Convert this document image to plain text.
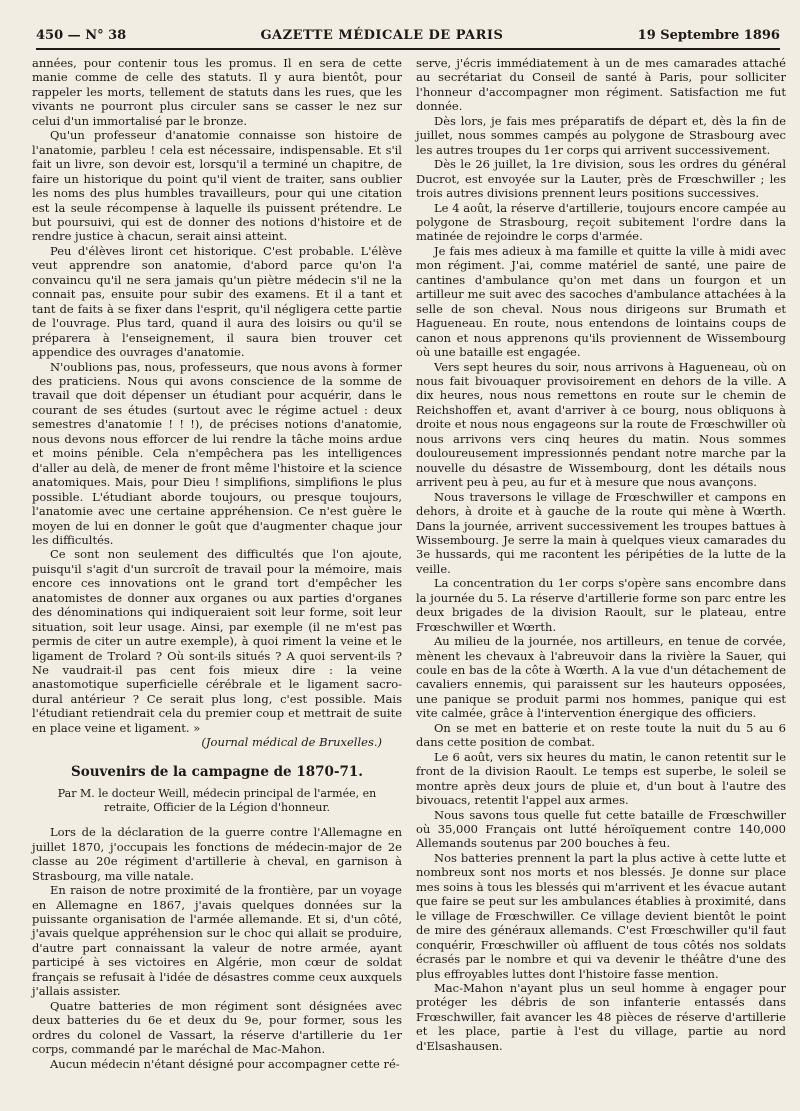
450 — N° 38	GAZETTE MÉDICALE DE PARIS	19 Septembre 1896

années, pour contenir tous les promus. Il en sera de cette manie comme de celle des statuts. Il y aura bientôt, pour rappeler les morts, tellement de statuts dans les rues, que les vivants ne pourront plus circuler sans se casser le nez sur celui d'un immortalisé par le bronze.

Qu'un professeur d'anatomie connaisse son histoire de l'anatomie, parbleu ! cela est nécessaire, indispensable. Et s'il fait un livre, son devoir est, lorsqu'il a terminé un chapitre, de faire un historique du point qu'il vient de traiter, sans oublier les noms des plus humbles travailleurs, pour qui une citation est la seule récompense à laquelle ils puissent prétendre. Le but poursuivi, qui est de donner des notions d'histoire et de rendre justice à chacun, serait ainsi atteint.

Peu d'élèves liront cet historique. C'est probable. L'élève veut apprendre son anatomie, d'abord parce qu'on l'a convaincu qu'il ne sera jamais qu'un piètre médecin s'il ne la connait pas, ensuite pour subir des examens. Et il a tant et tant de faits à se fixer dans l'esprit, qu'il négligera cette partie de l'ouvrage. Plus tard, quand il aura des loisirs ou qu'il se préparera à l'enseignement, il saura bien trouver cet appendice des ouvrages d'anatomie.

N'oublions pas, nous, professeurs, que nous avons à former des praticiens. Nous qui avons conscience de la somme de travail que doit dépenser un étudiant pour acquérir, dans le courant de ses études (surtout avec le régime actuel : deux semestres d'anatomie ! ! !), de précises notions d'anatomie, nous devons nous efforcer de lui rendre la tâche moins ardue et moins pénible. Cela n'empêchera pas les intelligences d'aller au delà, de mener de front même l'histoire et la science anatomiques. Mais, pour Dieu ! simplifions, simplifions le plus possible. L'étudiant aborde toujours, ou presque toujours, l'anatomie avec une certaine appréhension. Ce n'est guère le moyen de lui en donner le goût que d'augmenter chaque jour les difficultés.

Ce sont non seulement des difficultés que l'on ajoute, puisqu'il s'agit d'un surcroît de travail pour la mémoire, mais encore ces innovations ont le grand tort d'empêcher les anatomistes de donner aux organes ou aux parties d'organes des dénominations qui indiqueraient soit leur forme, soit leur situation, soit leur usage. Ainsi, par exemple (il ne m'est pas permis de citer un autre exemple), à quoi riment la veine et le ligament de Trolard ? Où sont-ils situés ? A quoi servent-ils ? Ne vaudrait-il pas cent fois mieux dire : la veine anastomotique superficielle cérébrale et le ligament sacro-dural antérieur ? Ce serait plus long, c'est possible. Mais l'étudiant retiendrait cela du premier coup et mettrait de suite en place veine et ligament. »

(Journal médical de Bruxelles.)

Souvenirs de la campagne de 1870-71.

Par M. le docteur Weill, médecin principal de l'armée, en retraite, Officier de la Légion d'honneur.

Lors de la déclaration de la guerre contre l'Allemagne en juillet 1870, j'occupais les fonctions de médecin-major de 2e classe au 20e régiment d'artillerie à cheval, en garnison à Strasbourg, ma ville natale.

En raison de notre proximité de la frontière, par un voyage en Allemagne en 1867, j'avais quelques données sur la puissante organisation de l'armée allemande. Et si, d'un côté, j'avais quelque appréhension sur le choc qui allait se produire, d'autre part connaissant la valeur de notre armée, ayant participé à ses victoires en Algérie, mon cœur de soldat français se refusait à l'idée de désastres comme ceux auxquels j'allais assister.

Quatre batteries de mon régiment sont désignées avec deux batteries du 6e et deux du 9e, pour former, sous les ordres du colonel de Vassart, la réserve d'artillerie du 1er corps, commandé par le maréchal de Mac-Mahon.

Aucun médecin n'étant désigné pour accompagner cette ré-

serve, j'écris immédiatement à un de mes camarades attaché au secrétariat du Conseil de santé à Paris, pour solliciter l'honneur d'accompagner mon régiment. Satisfaction me fut donnée.

Dès lors, je fais mes préparatifs de départ et, dès la fin de juillet, nous sommes campés au polygone de Strasbourg avec les autres troupes du 1er corps qui arrivent successivement.

Dès le 26 juillet, la 1re division, sous les ordres du général Ducrot, est envoyée sur la Lauter, près de Frœschwiller ; les trois autres divisions prennent leurs positions successives.

Le 4 août, la réserve d'artillerie, toujours encore campée au polygone de Strasbourg, reçoit subitement l'ordre dans la matinée de rejoindre le corps d'armée.

Je fais mes adieux à ma famille et quitte la ville à midi avec mon régiment. J'ai, comme matériel de santé, une paire de cantines d'ambulance qu'on met dans un fourgon et un artilleur me suit avec des sacoches d'ambulance attachées à la selle de son cheval. Nous nous dirigeons sur Brumath et Hagueneau. En route, nous entendons de lointains coups de canon et nous apprenons qu'ils proviennent de Wissembourg où une bataille est engagée.

Vers sept heures du soir, nous arrivons à Hagueneau, où on nous fait bivouaquer provisoirement en dehors de la ville. A dix heures, nous nous remettons en route sur le chemin de Reichshoffen et, avant d'arriver à ce bourg, nous obliquons à droite et nous nous engageons sur la route de Frœschwiller où nous arrivons vers cinq heures du matin. Nous sommes douloureusement impressionnés pendant notre marche par la nouvelle du désastre de Wissembourg, dont les détails nous arrivent peu à peu, au fur et à mesure que nous avançons.

Nous traversons le village de Frœschwiller et campons en dehors, à droite et à gauche de la route qui mène à Wœrth. Dans la journée, arrivent successivement les troupes battues à Wissembourg. Je serre la main à quelques vieux camarades du 3e hussards, qui me racontent les péripéties de la lutte de la veille.

La concentration du 1er corps s'opère sans encombre dans la journée du 5. La réserve d'artillerie forme son parc entre les deux brigades de la division Raoult, sur le plateau, entre Frœschwiller et Wœrth.

Au milieu de la journée, nos artilleurs, en tenue de corvée, mènent les chevaux à l'abreuvoir dans la rivière la Sauer, qui coule en bas de la côte à Wœrth. A la vue d'un détachement de cavaliers ennemis, qui paraissent sur les hauteurs opposées, une panique se produit parmi nos hommes, panique qui est vite calmée, grâce à l'intervention énergique des officiers.

On se met en batterie et on reste toute la nuit du 5 au 6 dans cette position de combat.

Le 6 août, vers six heures du matin, le canon retentit sur le front de la division Raoult. Le temps est superbe, le soleil se montre après deux jours de pluie et, d'un bout à l'autre des bivouacs, retentit l'appel aux armes.

Nous savons tous quelle fut cette bataille de Frœschwiller où 35,000 Français ont lutté héroïquement contre 140,000 Allemands soutenus par 200 bouches à feu.

Nos batteries prennent la part la plus active à cette lutte et nombreux sont nos morts et nos blessés. Je donne sur place mes soins à tous les blessés qui m'arrivent et les évacue autant que faire se peut sur les ambulances établies à proximité, dans le village de Frœschwiller. Ce village devient bientôt le point de mire des généraux allemands. C'est Frœschwiller qu'il faut conquérir, Frœschwiller où affluent de tous côtés nos soldats écrasés par le nombre et qui va devenir le théâtre d'une des plus effroyables luttes dont l'histoire fasse mention.

Mac-Mahon n'ayant plus un seul homme à engager pour protéger les débris de son infanterie entassés dans Frœschwiller, fait avancer les 48 pièces de réserve d'artillerie et les place, partie à l'est du village, partie au nord d'Elsashausen.
